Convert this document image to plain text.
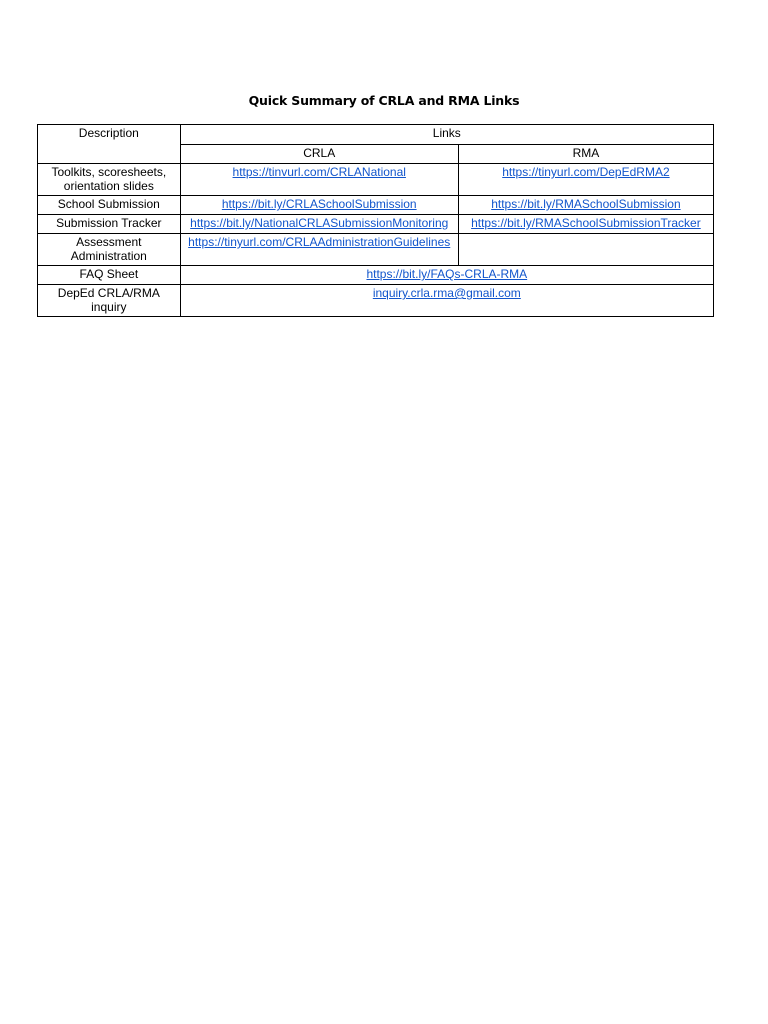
Quick Summary of CRLA and RMA Links
Description	Links	
	CRLA	RMA
Toolkits, scoresheets, orientation slides	https://tinvurl.com/CRLANational	https://tinyurl.com/DepEdRMA2
School Submission	https://bit.ly/CRLASchoolSubmission	https://bit.ly/RMASchoolSubmission
Submission Tracker	https://bit.ly/NationalCRLASubmissionMonitoring	https://bit.ly/RMASchoolSubmissionTracker
Assessment Administration	https://tinyurl.com/CRLAAdministrationGuidelines	
FAQ Sheet	https://bit.ly/FAQs-CRLA-RMA	
DepEd CRLA/RMA inquiry	inquiry.crla.rma@gmail.com	
